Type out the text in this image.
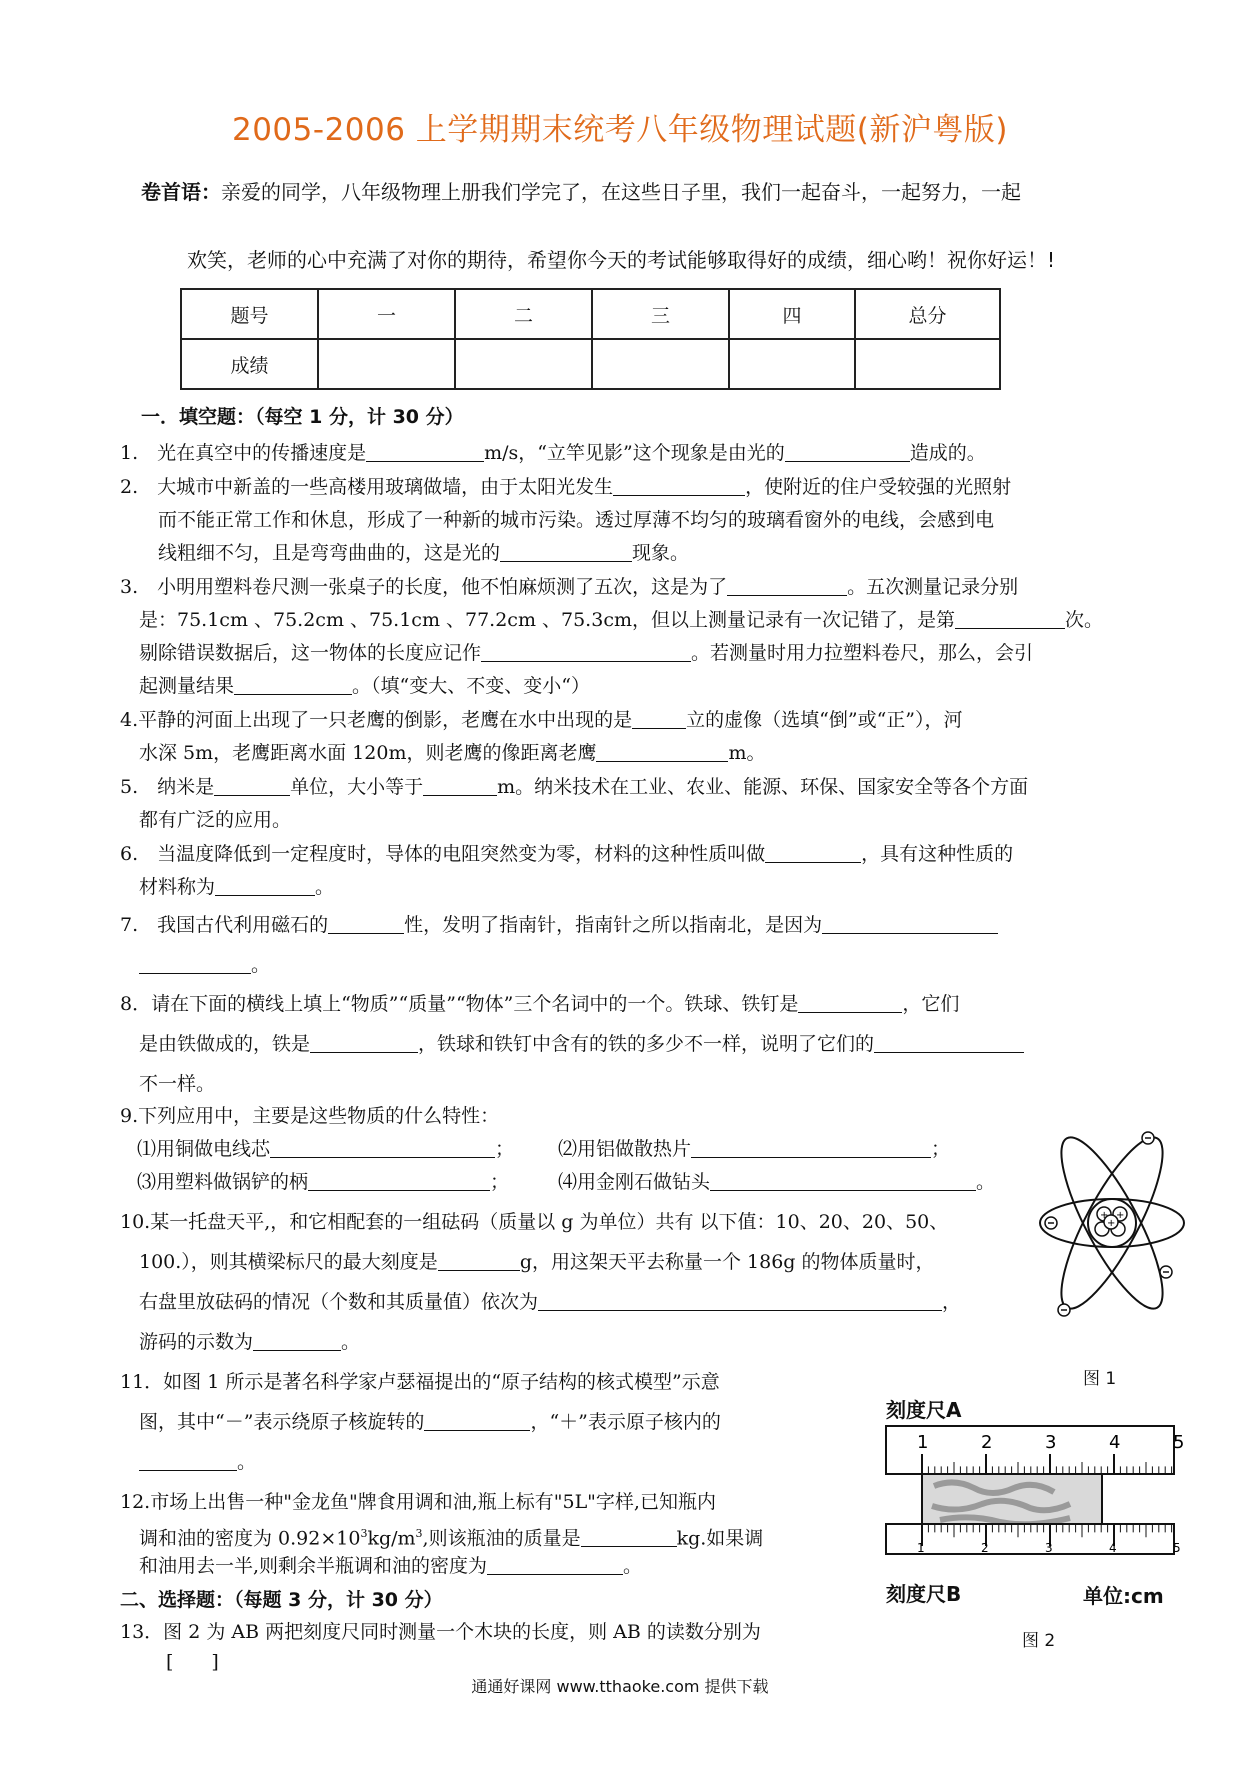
2005-2006 上学期期末统考八年级物理试题(新沪粤版)
卷首语：亲爱的同学，八年级物理上册我们学完了，在这些日子里，我们一起奋斗，一起努力，一起
欢笑，老师的心中充满了对你的期待，希望你今天的考试能够取得好的成绩，细心哟！祝你好运！!
题号	一	二	三	四	总分
成绩					
一．填空题：（每空 1 分，计 30 分）
1.　光在真空中的传播速度是	m/s，“立竿见影”这个现象是由光的	造成的。
2.　大城市中新盖的一些高楼用玻璃做墙，由于太阳光发生	，使附近的住户受较强的光照射
而不能正常工作和休息，形成了一种新的城市污染。透过厚薄不均匀的玻璃看窗外的电线，会感到电
线粗细不匀，且是弯弯曲曲的，这是光的	现象。
3.　小明用塑料卷尺测一张桌子的长度，他不怕麻烦测了五次，这是为了	。五次测量记录分别
是：75.1cm 、75.2cm 、75.1cm 、77.2cm 、75.3cm，但以上测量记录有一次记错了，是第	次。
剔除错误数据后，这一物体的长度应记作	。若测量时用力拉塑料卷尺，那么，会引
起测量结果	。（填“变大、不变、变小“）
4.平静的河面上出现了一只老鹰的倒影，老鹰在水中出现的是	立的虚像（选填“倒”或“正”），河
水深 5m，老鹰距离水面 120m，则老鹰的像距离老鹰	m。
5.　纳米是	单位，大小等于	m。纳米技术在工业、农业、能源、环保、国家安全等各个方面
都有广泛的应用。
6.　当温度降低到一定程度时，导体的电阻突然变为零，材料的这种性质叫做	，具有这种性质的
材料称为	。
7.　我国古代利用磁石的	性，发明了指南针，指南针之所以指南北，是因为
。
8．请在下面的横线上填上“物质”“质量”“物体”三个名词中的一个。铁球、铁钉是	，它们
是由铁做成的，铁是	，铁球和铁钉中含有的铁的多少不一样，说明了它们的
不一样。
9.下列应用中，主要是这些物质的什么特性：
⑴用铜做电线芯	； ⑵用铝做散热片	；
⑶用塑料做锅铲的柄	；	⑷用金刚石做钻头	。
10.某一托盘天平,，和它相配套的一组砝码（质量以 g 为单位）共有 以下值：10、20、20、50、
100.），则其横梁标尺的最大刻度是	g，用这架天平去称量一个 186g 的物体质量时，
右盘里放砝码的情况（个数和其质量值）依次为	，
游码的示数为	。
11．如图 1 所示是著名科学家卢瑟福提出的“原子结构的核式模型”示意
图，其中“－”表示绕原子核旋转的	，“＋”表示原子核内的
。
12.市场上出售一种"金龙鱼"牌食用调和油,瓶上标有"5L"字样,已知瓶内
调和油的密度为 $0.92\times 10^3kg/m^3$,则该瓶油的质量是	kg.如果调
和油用去一半,则剩余半瓶调和油的密度为	。
二、选择题：（每题 3 分，计 30 分）
13．图 2 为 AB 两把刻度尺同时测量一个木块的长度，则 AB 的读数分别为
[　　]
+ +
+
图 1
刻度尺A
1	2	3	4	5
1	2	3	4	5
刻度尺B	单位:cm
图 2
通通好课网 www.tthaoke.com 提供下载
